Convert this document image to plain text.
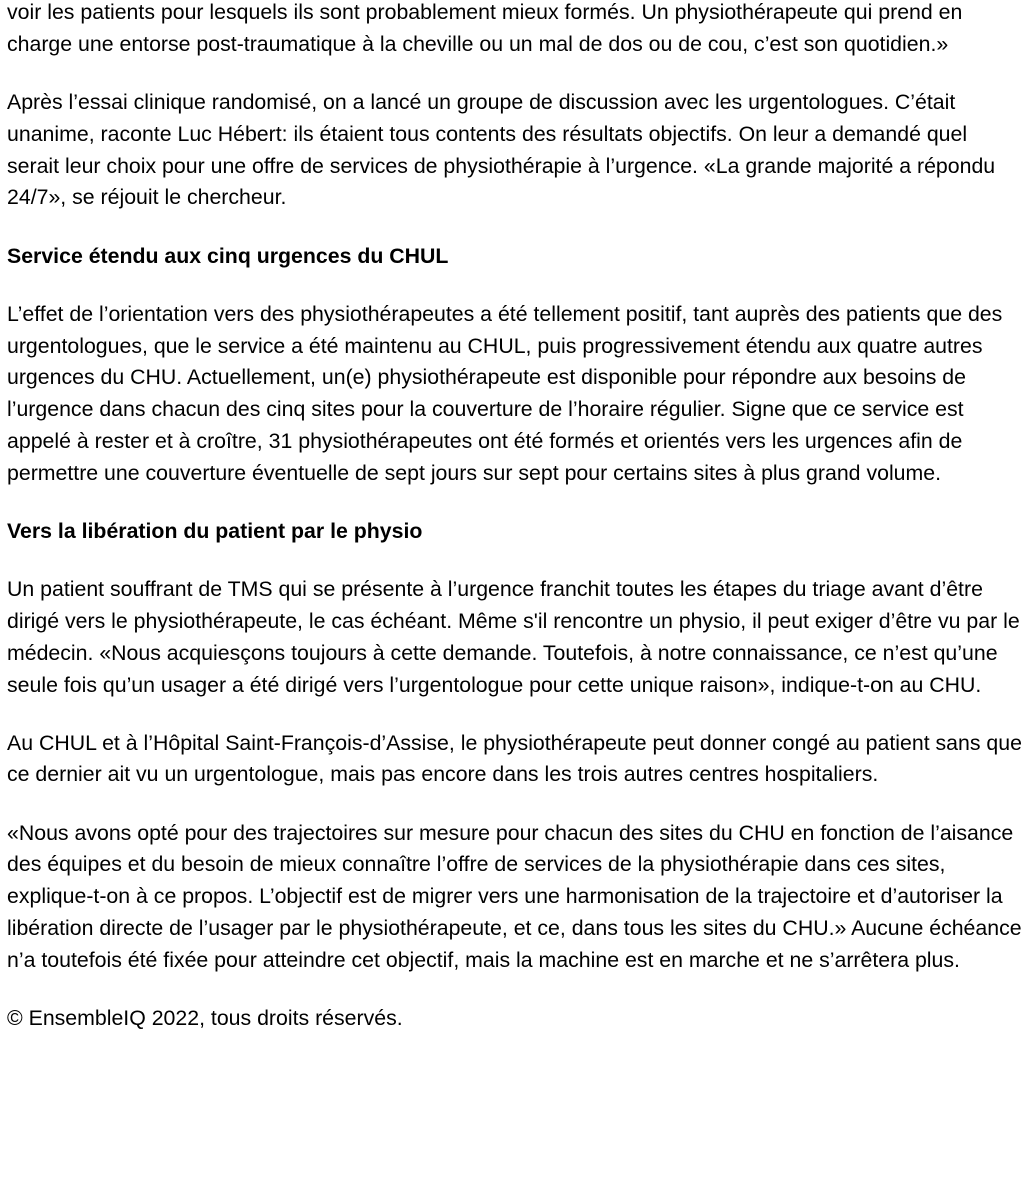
voir les patients pour lesquels ils sont probablement mieux formés. Un physiothérapeute qui prend en charge une entorse post-traumatique à la cheville ou un mal de dos ou de cou, c’est son quotidien.»

Après l’essai clinique randomisé, on a lancé un groupe de discussion avec les urgentologues. C’était unanime, raconte Luc Hébert: ils étaient tous contents des résultats objectifs. On leur a demandé quel serait leur choix pour une offre de services de physiothérapie à l’urgence. «La grande majorité a répondu 24/7», se réjouit le chercheur.

Service étendu aux cinq urgences du CHUL

L’effet de l’orientation vers des physiothérapeutes a été tellement positif, tant auprès des patients que des urgentologues, que le service a été maintenu au CHUL, puis progressivement étendu aux quatre autres urgences du CHU. Actuellement, un(e) physiothérapeute est disponible pour répondre aux besoins de l’urgence dans chacun des cinq sites pour la couverture de l’horaire régulier. Signe que ce service est appelé à rester et à croître, 31 physiothérapeutes ont été formés et orientés vers les urgences afin de permettre une couverture éventuelle de sept jours sur sept pour certains sites à plus grand volume.

Vers la libération du patient par le physio

Un patient souffrant de TMS qui se présente à l’urgence franchit toutes les étapes du triage avant d’être dirigé vers le physiothérapeute, le cas échéant. Même s'il rencontre un physio, il peut exiger d’être vu par le médecin. «Nous acquiesçons toujours à cette demande. Toutefois, à notre connaissance, ce n’est qu’une seule fois qu’un usager a été dirigé vers l’urgentologue pour cette unique raison», indique-t-on au CHU.

Au CHUL et à l’Hôpital Saint-François-d’Assise, le physiothérapeute peut donner congé au patient sans que ce dernier ait vu un urgentologue, mais pas encore dans les trois autres centres hospitaliers.

«Nous avons opté pour des trajectoires sur mesure pour chacun des sites du CHU en fonction de l’aisance des équipes et du besoin de mieux connaître l’offre de services de la physiothérapie dans ces sites, explique-t-on à ce propos. L’objectif est de migrer vers une harmonisation de la trajectoire et d’autoriser la libération directe de l’usager par le physiothérapeute, et ce, dans tous les sites du CHU.» Aucune échéance n’a toutefois été fixée pour atteindre cet objectif, mais la machine est en marche et ne s’arrêtera plus.

© EnsembleIQ 2022, tous droits réservés.
